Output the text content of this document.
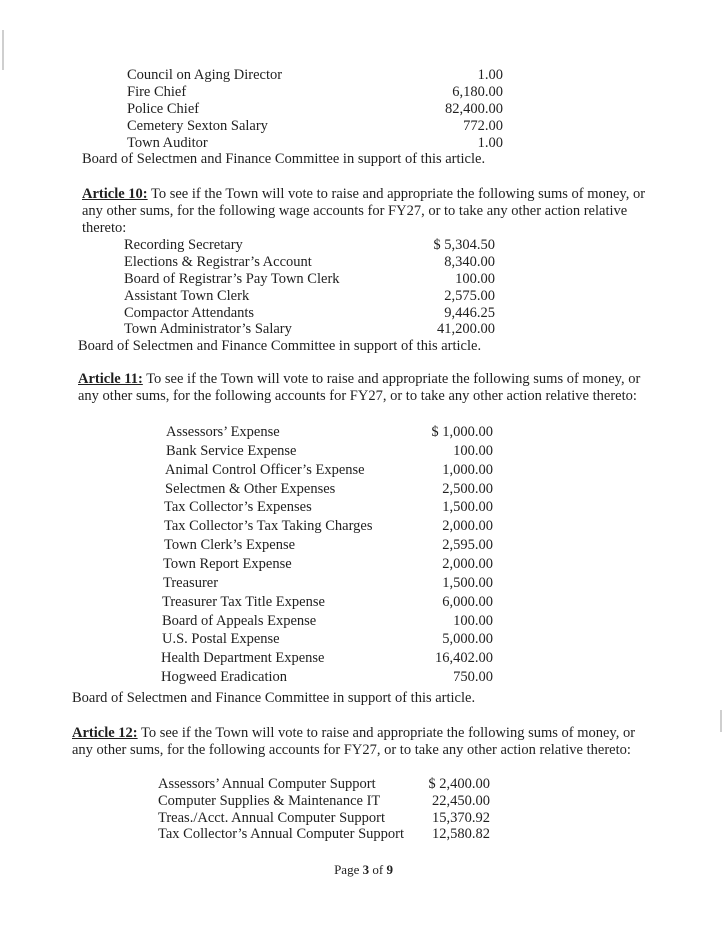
Council on Aging Director	1.00
Fire Chief	6,180.00
Police Chief	82,400.00
Cemetery Sexton Salary	772.00
Town Auditor	1.00
Board of Selectmen and Finance Committee in support of this article.
Article 10: To see if the Town will vote to raise and appropriate the following sums of money, or
any other sums, for the following wage accounts for FY27, or to take any other action relative
thereto:
Recording Secretary	$ 5,304.50
Elections & Registrar’s Account	8,340.00
Board of Registrar’s Pay Town Clerk	100.00
Assistant Town Clerk	2,575.00
Compactor Attendants	9,446.25
Town Administrator’s Salary	41,200.00
Board of Selectmen and Finance Committee in support of this article.
Article 11: To see if the Town will vote to raise and appropriate the following sums of money, or
any other sums, for the following accounts for FY27, or to take any other action relative thereto:
Assessors’ Expense	$ 1,000.00
Bank Service Expense	100.00
Animal Control Officer’s Expense	1,000.00
Selectmen & Other Expenses	2,500.00
Tax Collector’s Expenses	1,500.00
Tax Collector’s Tax Taking Charges	2,000.00
Town Clerk’s Expense	2,595.00
Town Report Expense	2,000.00
Treasurer	1,500.00
Treasurer Tax Title Expense	6,000.00
Board of Appeals Expense	100.00
U.S. Postal Expense	5,000.00
Health Department Expense	16,402.00
Hogweed Eradication	750.00
Board of Selectmen and Finance Committee in support of this article.
Article 12: To see if the Town will vote to raise and appropriate the following sums of money, or
any other sums, for the following accounts for FY27, or to take any other action relative thereto:
Assessors’ Annual Computer Support	$ 2,400.00
Computer Supplies & Maintenance IT	22,450.00
Treas./Acct. Annual Computer Support	15,370.92
Tax Collector’s Annual Computer Support	12,580.82
Page 3 of 9
